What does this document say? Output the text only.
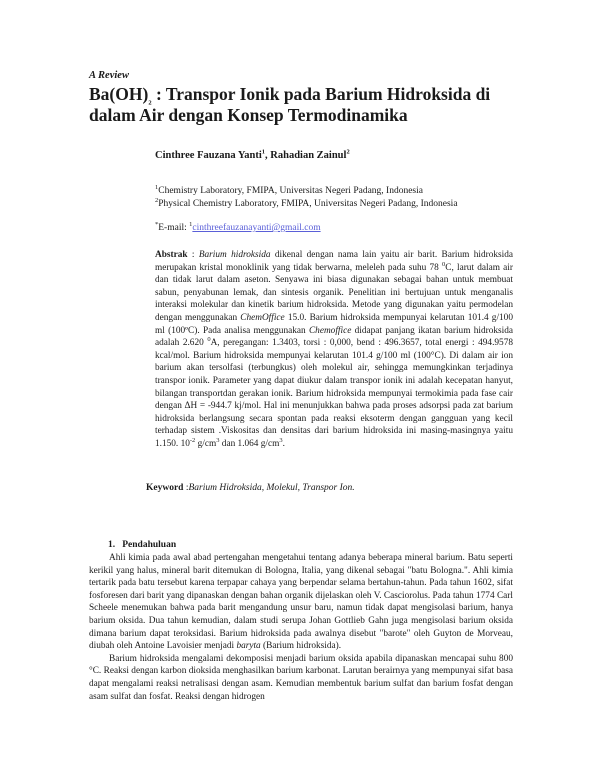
A Review
$Ba(OH)_2$ : Transpor Ionik pada Barium Hidroksida di dalam Air dengan Konsep Termodinamika
Cinthree Fauzana Yanti$^1$, Rahadian Zainul$^2$
$^1$Chemistry Laboratory, FMIPA, Universitas Negeri Padang, Indonesia
$^2$Physical Chemistry Laboratory, FMIPA, Universitas Negeri Padang, Indonesia
*E-mail: $^1$cinthreefauzanayanti@gmail.com

Abstrak : Barium hidroksida dikenal dengan nama lain yaitu air barit. Barium hidroksida merupakan kristal monoklinik yang tidak berwarna, meleleh pada suhu 78 $^0$C, larut dalam air dan tidak larut dalam aseton. Senyawa ini biasa digunakan sebagai bahan untuk membuat sabun, penyabunan lemak, dan sintesis organik. Penelitian ini bertujuan untuk menganalis interaksi molekular dan kinetik barium hidroksida. Metode yang digunakan yaitu permodelan dengan menggunakan ChemOffice 15.0. Barium hidroksida mempunyai kelarutan 101.4 g/100 ml (100ºC). Pada analisa menggunakan Chemoffice didapat panjang ikatan barium hidroksida adalah 2.620 $^0$A, peregangan: 1.3403, torsi : 0,000, bend : 496.3657, total energi : 494.9578 kcal/mol. Barium hidroksida mempunyai kelarutan 101.4 g/100 ml (100°C). Di dalam air ion barium akan tersolfasi (terbungkus) oleh molekul air, sehingga memungkinkan terjadinya transpor ionik. Parameter yang dapat diukur dalam transpor ionik ini adalah kecepatan hanyut, bilangan transportdan gerakan ionik. Barium hidroksida mempunyai termokimia pada fase cair dengan ΔH = -944.7 kj/mol. Hal ini menunjukkan bahwa pada proses adsorpsi pada zat barium hidroksida berlangsung secara spontan pada reaksi eksoterm dengan gangguan yang kecil terhadap sistem .Viskositas dan densitas dari barium hidroksida ini masing-masingnya yaitu 1.150. $10^{-2}$ $g/cm^3$ dan 1.064 $g/cm^3$.

Keyword :Barium Hidroksida, Molekul, Transpor Ion.
1. Pendahuluan

Ahli kimia pada awal abad pertengahan mengetahui tentang adanya beberapa mineral barium. Batu seperti kerikil yang halus, mineral barit ditemukan di Bologna, Italia, yang dikenal sebagai "batu Bologna.". Ahli kimia tertarik pada batu tersebut karena terpapar cahaya yang berpendar selama bertahun-tahun. Pada tahun 1602, sifat fosforesen dari barit yang dipanaskan dengan bahan organik dijelaskan oleh V. Casciorolus. Pada tahun 1774 Carl Scheele menemukan bahwa pada barit mengandung unsur baru, namun tidak dapat mengisolasi barium, hanya barium oksida. Dua tahun kemudian, dalam studi serupa Johan Gottlieb Gahn juga mengisolasi barium oksida dimana barium dapat teroksidasi. Barium hidroksida pada awalnya disebut "barote" oleh Guyton de Morveau, diubah oleh Antoine Lavoisier menjadi baryta (Barium hidroksida).

Barium hidroksida mengalami dekomposisi menjadi barium oksida apabila dipanaskan mencapai suhu 800 °C. Reaksi dengan karbon dioksida menghasilkan barium karbonat. Larutan berairnya yang mempunyai sifat basa dapat mengalami reaksi netralisasi dengan asam. Kemudian membentuk barium sulfat dan barium fosfat dengan asam sulfat dan fosfat. Reaksi dengan hidrogen
